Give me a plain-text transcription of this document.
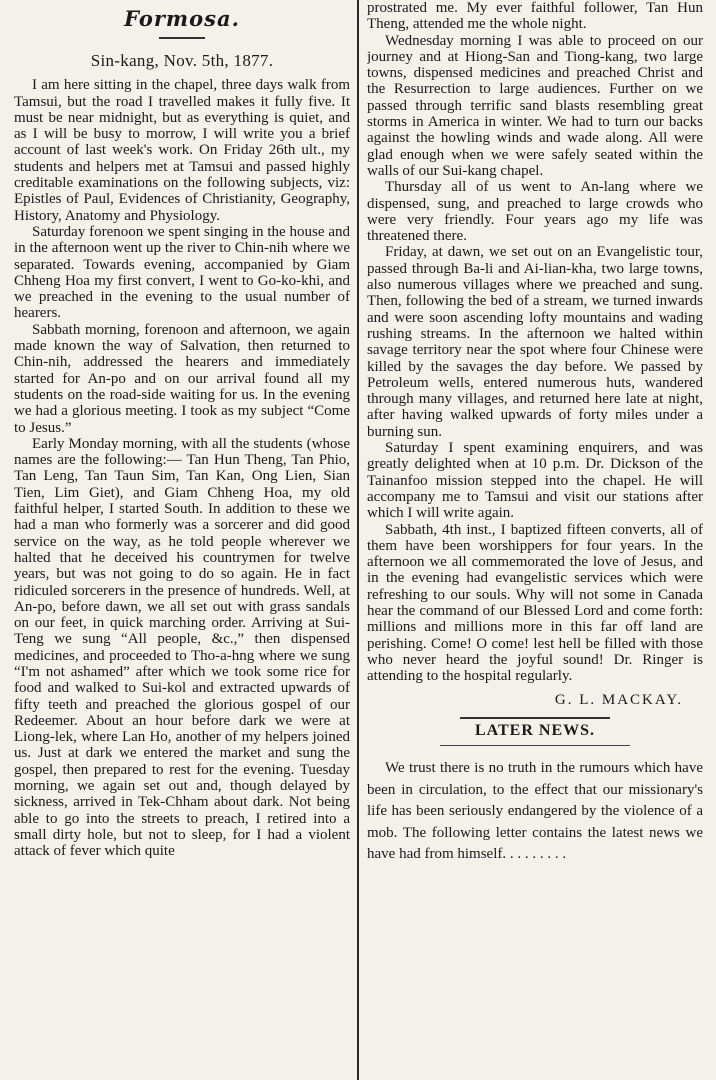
Formosa.
Sin-kang, Nov. 5th, 1877.

I am here sitting in the chapel, three days walk from Tamsui, but the road I travelled makes it fully five. It must be near midnight, but as everything is quiet, and as I will be busy to morrow, I will write you a brief account of last week's work. On Friday 26th ult., my students and helpers met at Tamsui and passed highly creditable examinations on the following subjects, viz: Epistles of Paul, Evidences of Christianity, Geography, History, Anatomy and Physiology.

Saturday forenoon we spent singing in the house and in the afternoon went up the river to Chin-nih where we separated. Towards evening, accompanied by Giam Chheng Hoa my first convert, I went to Go-ko-khi, and we preached in the evening to the usual number of hearers.

Sabbath morning, forenoon and afternoon, we again made known the way of Salvation, then returned to Chin-nih, addressed the hearers and immediately started for An-po and on our arrival found all my students on the road-side waiting for us. In the evening we had a glorious meeting. I took as my subject “Come to Jesus.”

Early Monday morning, with all the students (whose names are the following:— Tan Hun Theng, Tan Phio, Tan Leng, Tan Taun Sim, Tan Kan, Ong Lien, Sian Tien, Lim Giet), and Giam Chheng Hoa, my old faithful helper, I started South. In addition to these we had a man who formerly was a sorcerer and did good service on the way, as he told people wherever we halted that he deceived his countrymen for twelve years, but was not going to do so again. He in fact ridiculed sorcerers in the presence of hundreds. Well, at An-po, before dawn, we all set out with grass sandals on our feet, in quick marching order. Arriving at Sui-Teng we sung “All people, &c.,” then dispensed medicines, and proceeded to Tho-a-hng where we sung “I'm not ashamed” after which we took some rice for food and walked to Sui-kol and extracted upwards of fifty teeth and preached the glorious gospel of our Redeemer. About an hour before dark we were at Liong-lek, where Lan Ho, another of my helpers joined us. Just at dark we entered the market and sung the gospel, then prepared to rest for the evening. Tuesday morning, we again set out and, though delayed by sickness, arrived in Tek-Chham about dark. Not being able to go into the streets to preach, I retired into a small dirty hole, but not to sleep, for I had a violent attack of fever which quite

prostrated me. My ever faithful follower, Tan Hun Theng, attended me the whole night.

Wednesday morning I was able to proceed on our journey and at Hiong-San and Tiong-kang, two large towns, dispensed medicines and preached Christ and the Resurrection to large audiences. Further on we passed through terrific sand blasts resembling great storms in America in winter. We had to turn our backs against the howling winds and wade along. All were glad enough when we were safely seated within the walls of our Sui-kang chapel.

Thursday all of us went to An-lang where we dispensed, sung, and preached to large crowds who were very friendly. Four years ago my life was threatened there.

Friday, at dawn, we set out on an Evangelistic tour, passed through Ba-li and Ai-lian-kha, two large towns, also numerous villages where we preached and sung. Then, following the bed of a stream, we turned inwards and were soon ascending lofty mountains and wading rushing streams. In the afternoon we halted within savage territory near the spot where four Chinese were killed by the savages the day before. We passed by Petroleum wells, entered numerous huts, wandered through many villages, and returned here late at night, after having walked upwards of forty miles under a burning sun.

Saturday I spent examining enquirers, and was greatly delighted when at 10 p.m. Dr. Dickson of the Tainanfoo mission stepped into the chapel. He will accompany me to Tamsui and visit our stations after which I will write again.

Sabbath, 4th inst., I baptized fifteen converts, all of them have been worshippers for four years. In the afternoon we all commemorated the love of Jesus, and in the evening had evangelistic services which were refreshing to our souls. Why will not some in Canada hear the command of our Blessed Lord and come forth: millions and millions more in this far off land are perishing. Come! O come! lest hell be filled with those who never heard the joyful sound! Dr. Ringer is attending to the hospital regularly.

G. L. MACKAY.
LATER NEWS.

We trust there is no truth in the rumours which have been in circulation, to the effect that our missionary's life has been seriously endangered by the violence of a mob. The following letter contains the latest news we have had from himself. . . . . . . . .
